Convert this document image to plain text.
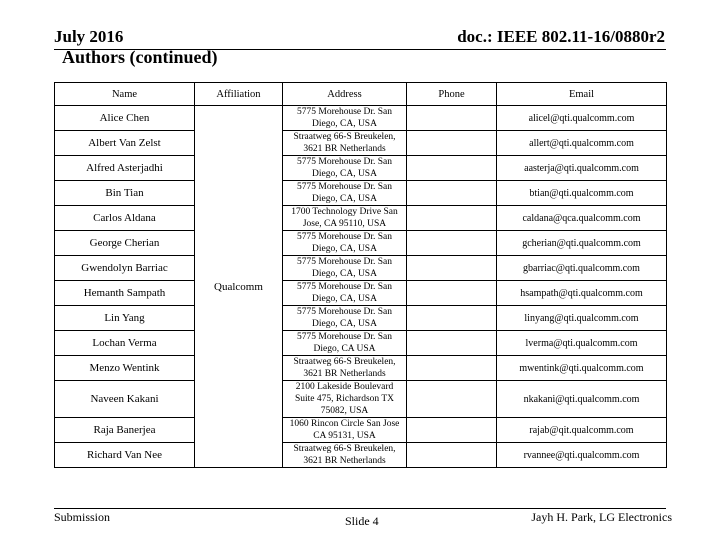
July 2016	doc.: IEEE 802.11-16/0880r2
Authors (continued)
Name	Affiliation	Address	Phone	Email
Alice Chen	Qualcomm	5775 Morehouse Dr. San Diego, CA, USA		alicel@qti.qualcomm.com
Albert Van Zelst		Straatweg 66-S Breukelen, 3621 BR Netherlands		allert@qti.qualcomm.com
Alfred Asterjadhi		5775 Morehouse Dr. San Diego, CA, USA		aasterja@qti.qualcomm.com
Bin Tian		5775 Morehouse Dr. San Diego, CA, USA		btian@qti.qualcomm.com
Carlos Aldana		1700 Technology Drive San Jose, CA 95110, USA		caldana@qca.qualcomm.com
George Cherian		5775 Morehouse Dr. San Diego, CA, USA		gcherian@qti.qualcomm.com
Gwendolyn Barriac		5775 Morehouse Dr. San Diego, CA, USA		gbarriac@qti.qualcomm.com
Hemanth Sampath		5775 Morehouse Dr. San Diego, CA, USA		hsampath@qti.qualcomm.com
Lin Yang		5775 Morehouse Dr. San Diego, CA, USA		linyang@qti.qualcomm.com
Lochan Verma		5775 Morehouse Dr. San Diego, CA USA		lverma@qti.qualcomm.com
Menzo Wentink		Straatweg 66-S Breukelen, 3621 BR Netherlands		mwentink@qti.qualcomm.com
Naveen Kakani		2100 Lakeside Boulevard Suite 475, Richardson TX 75082, USA		nkakani@qti.qualcomm.com
Raja Banerjea		1060 Rincon Circle San Jose CA 95131, USA		rajab@qit.qualcomm.com
Richard Van Nee		Straatweg 66-S Breukelen, 3621 BR Netherlands		rvannee@qti.qualcomm.com
Submission	Slide 4	Jayh H. Park, LG Electronics
